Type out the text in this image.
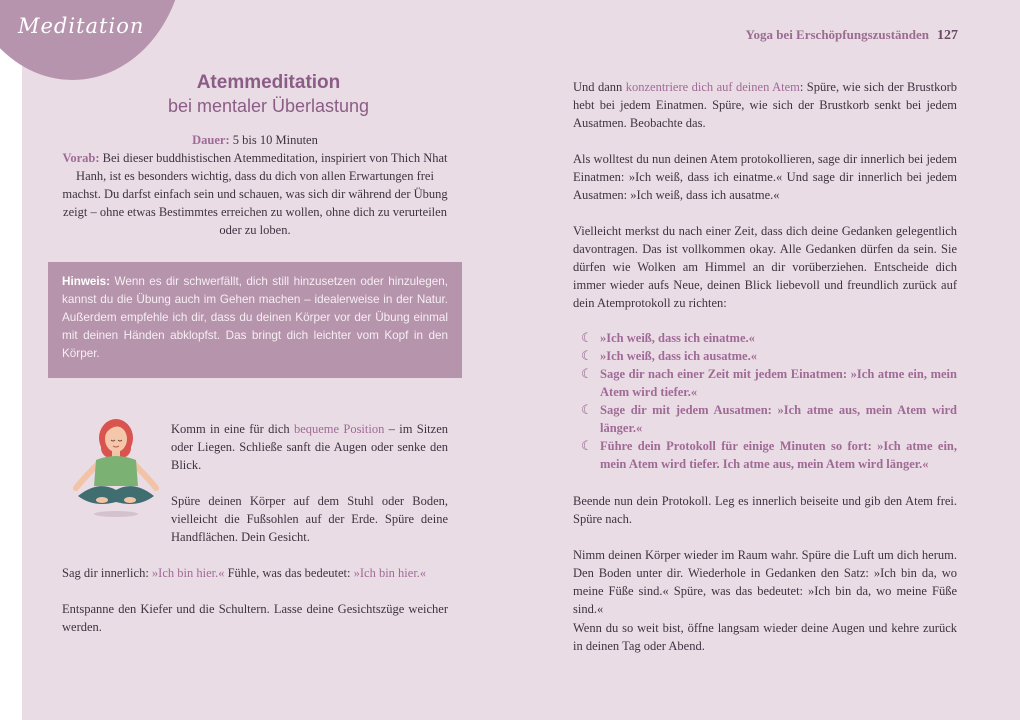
Meditation	Yoga bei Erschöpfungszuständen 127
Atemmeditation
bei mentaler Überlastung
Dauer: 5 bis 10 Minuten
Vorab: Bei dieser buddhistischen Atemmeditation, inspiriert von Thich Nhat Hanh, ist es besonders wichtig, dass du dich von allen Erwartungen frei machst. Du darfst einfach sein und schauen, was sich dir während der Übung zeigt – ohne etwas Bestimmtes erreichen zu wollen, ohne dich zu verurteilen oder zu loben.
Hinweis: Wenn es dir schwerfällt, dich still hinzusetzen oder hinzulegen, kannst du die Übung auch im Gehen machen – idealerweise in der Natur. Außerdem empfehle ich dir, dass du deinen Körper vor der Übung einmal mit deinen Händen abklopfst. Das bringt dich leichter vom Kopf in den Körper.

Komm in eine für dich bequeme Position – im Sitzen oder Liegen. Schließe sanft die Augen oder senke den Blick.

Spüre deinen Körper auf dem Stuhl oder Boden, vielleicht die Fußsohlen auf der Erde. Spüre deine Handflächen. Dein Gesicht.

Sag dir innerlich: »Ich bin hier.« Fühle, was das bedeutet: »Ich bin hier.«

Entspanne den Kiefer und die Schultern. Lasse deine Gesichtszüge weicher werden.

Und dann konzentriere dich auf deinen Atem: Spüre, wie sich der Brustkorb hebt bei jedem Einatmen. Spüre, wie sich der Brustkorb senkt bei jedem Ausatmen. Beobachte das.

Als wolltest du nun deinen Atem protokollieren, sage dir innerlich bei jedem Einatmen: »Ich weiß, dass ich einatme.« Und sage dir innerlich bei jedem Ausatmen: »Ich weiß, dass ich ausatme.«

Vielleicht merkst du nach einer Zeit, dass dich deine Gedanken gelegentlich davontragen. Das ist vollkommen okay. Alle Gedanken dürfen da sein. Sie dürfen wie Wolken am Himmel an dir vorüberziehen. Entscheide dich immer wieder aufs Neue, deinen Blick liebevoll und freundlich zurück auf dein Atemprotokoll zu richten:

☾ »Ich weiß, dass ich einatme.«
☾ »Ich weiß, dass ich ausatme.«
☾ Sage dir nach einer Zeit mit jedem Einatmen: »Ich atme ein, mein Atem wird tiefer.«
☾ Sage dir mit jedem Ausatmen: »Ich atme aus, mein Atem wird länger.«
☾ Führe dein Protokoll für einige Minuten so fort: »Ich atme ein, mein Atem wird tiefer. Ich atme aus, mein Atem wird länger.«

Beende nun dein Protokoll. Leg es innerlich beiseite und gib den Atem frei. Spüre nach.

Nimm deinen Körper wieder im Raum wahr. Spüre die Luft um dich herum. Den Boden unter dir. Wiederhole in Gedanken den Satz: »Ich bin da, wo meine Füße sind.« Spüre, was das bedeutet: »Ich bin da, wo meine Füße sind.«

Wenn du so weit bist, öffne langsam wieder deine Augen und kehre zurück in deinen Tag oder Abend.
